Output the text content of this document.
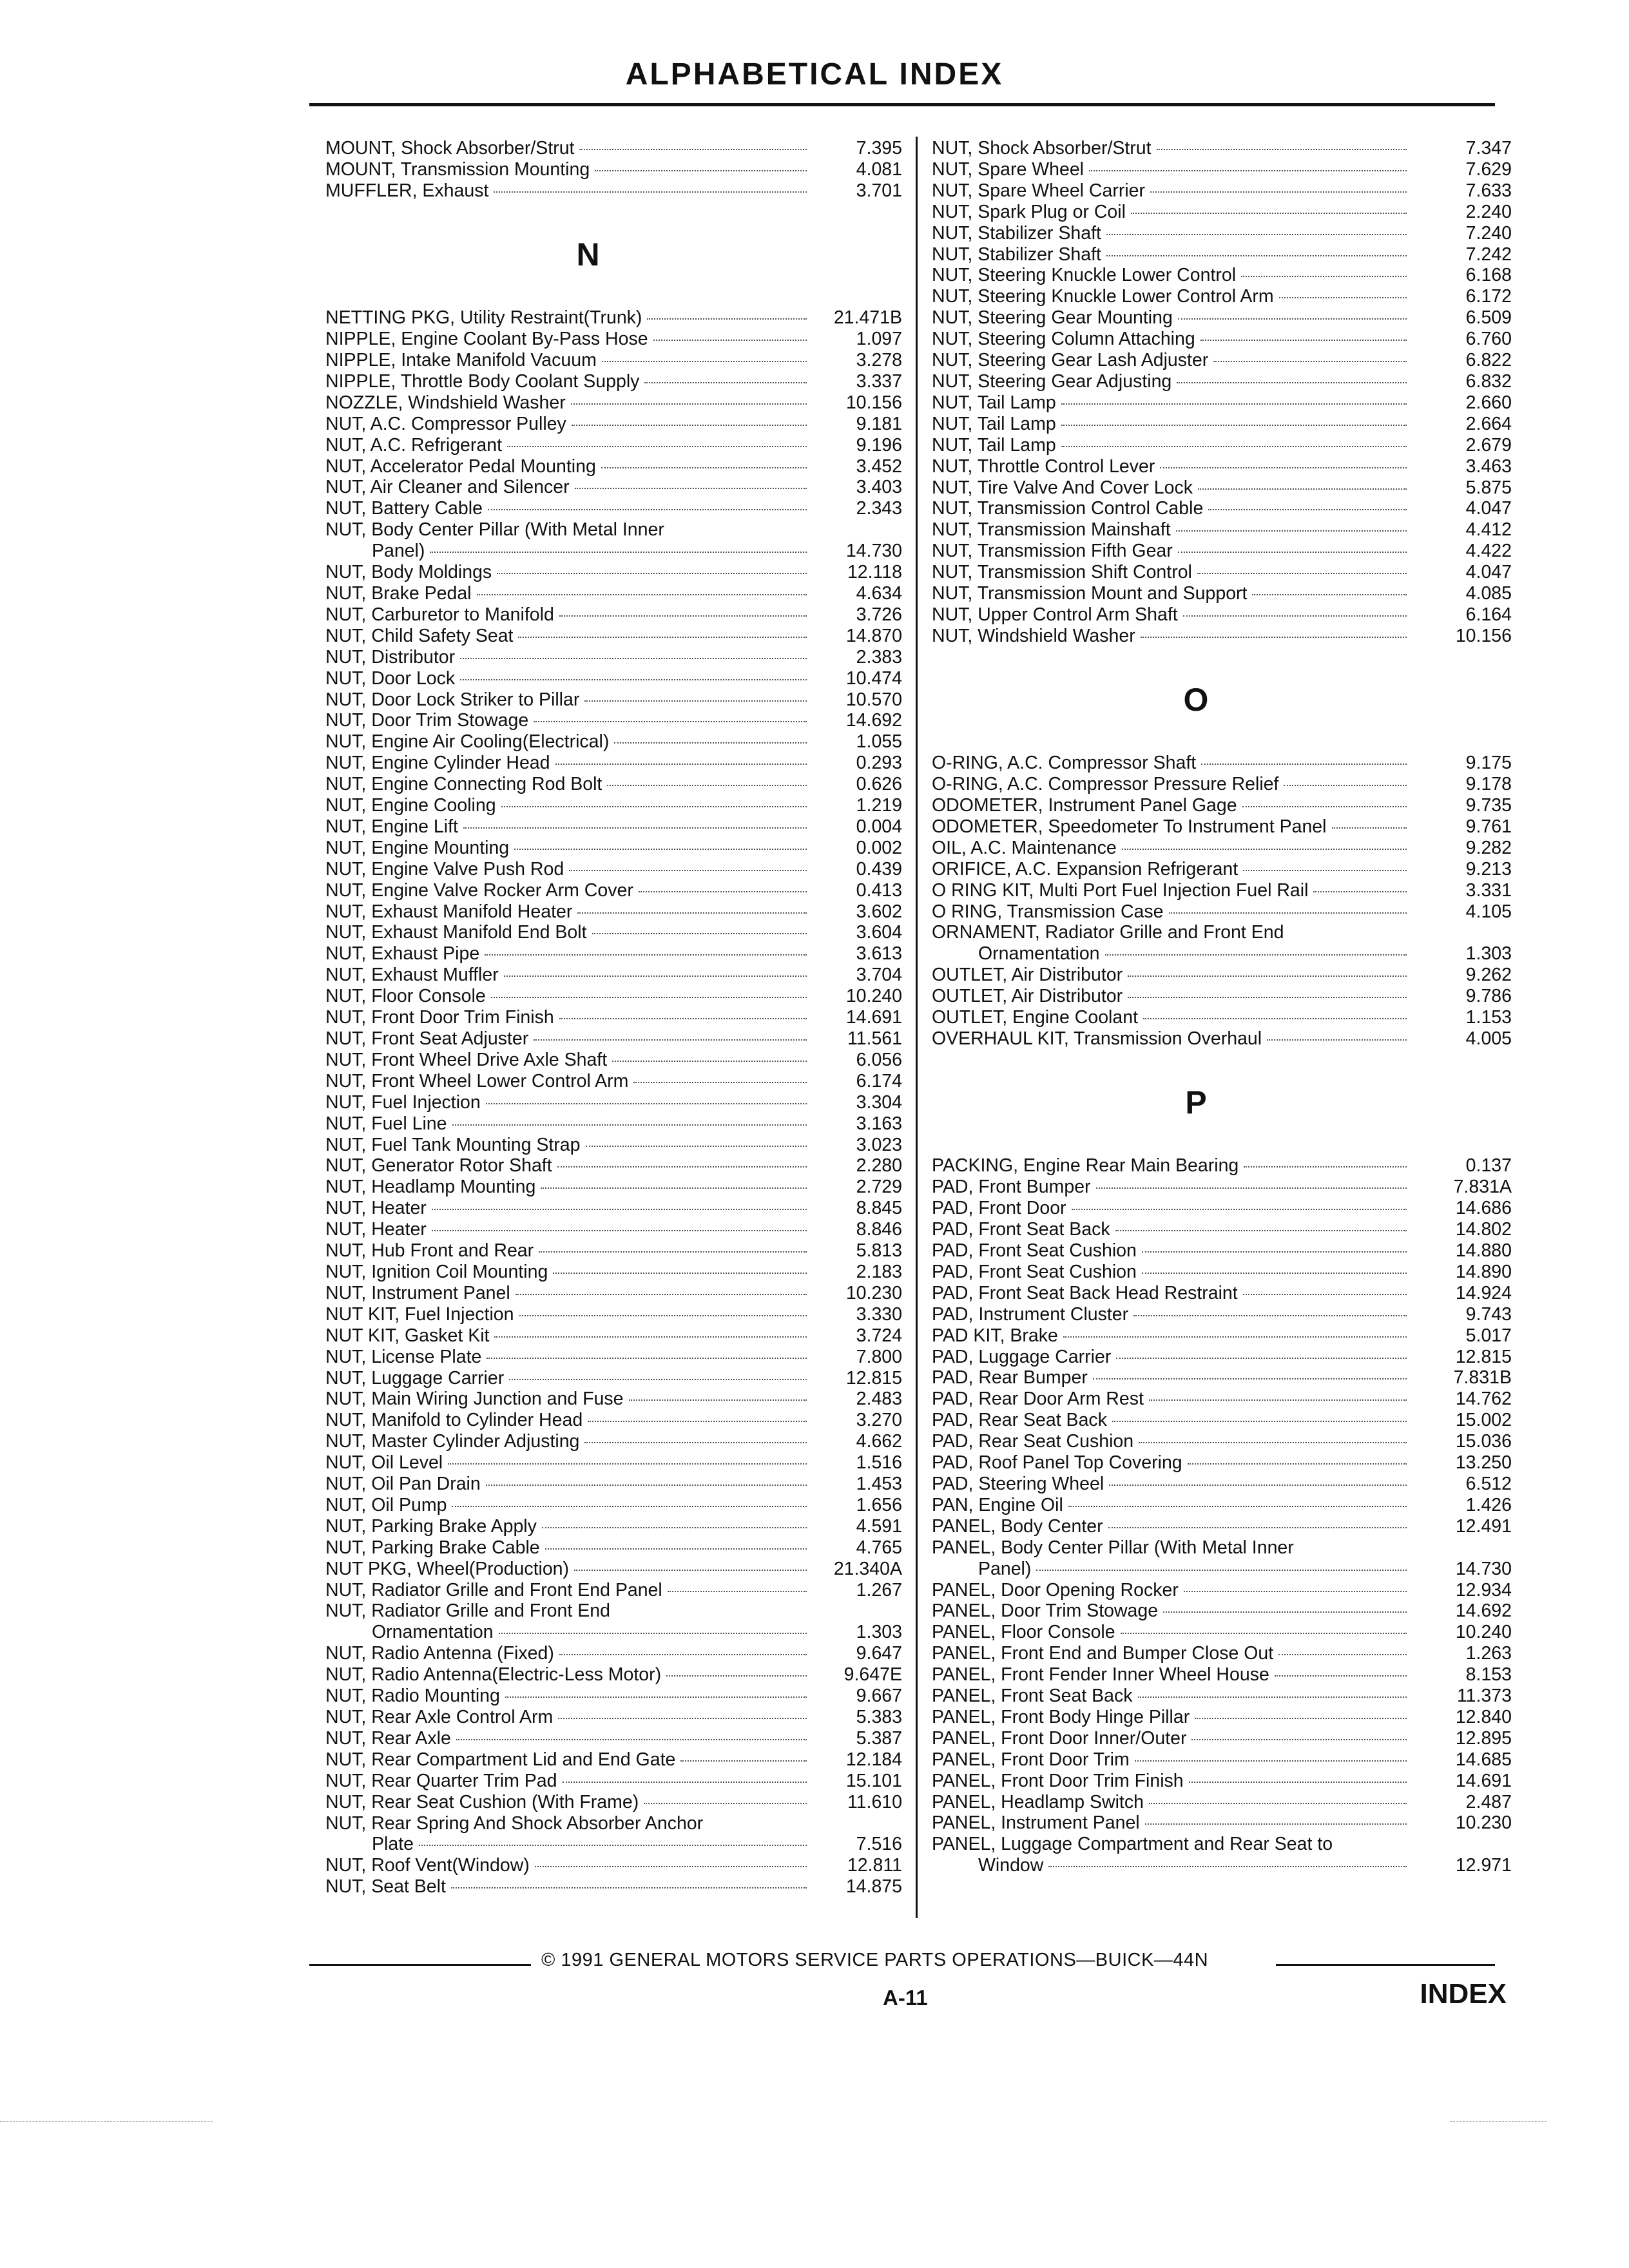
ALPHABETICAL INDEX
MOUNT, Shock Absorber/Strut	7.395
MOUNT, Transmission Mounting	4.081
MUFFLER, Exhaust	3.701
N
NETTING PKG, Utility Restraint(Trunk)	21.471B
NIPPLE, Engine Coolant By-Pass Hose	1.097
NIPPLE, Intake Manifold Vacuum	3.278
NIPPLE, Throttle Body Coolant Supply	3.337
NOZZLE, Windshield Washer	10.156
NUT, A.C. Compressor Pulley	9.181
NUT, A.C. Refrigerant	9.196
NUT, Accelerator Pedal Mounting	3.452
NUT, Air Cleaner and Silencer	3.403
NUT, Battery Cable	2.343
NUT, Body Center Pillar (With Metal Inner
Panel)	14.730
NUT, Body Moldings	12.118
NUT, Brake Pedal	4.634
NUT, Carburetor to Manifold	3.726
NUT, Child Safety Seat	14.870
NUT, Distributor	2.383
NUT, Door Lock	10.474
NUT, Door Lock Striker to Pillar	10.570
NUT, Door Trim Stowage	14.692
NUT, Engine Air Cooling(Electrical)	1.055
NUT, Engine Cylinder Head	0.293
NUT, Engine Connecting Rod Bolt	0.626
NUT, Engine Cooling	1.219
NUT, Engine Lift	0.004
NUT, Engine Mounting	0.002
NUT, Engine Valve Push Rod	0.439
NUT, Engine Valve Rocker Arm Cover	0.413
NUT, Exhaust Manifold Heater	3.602
NUT, Exhaust Manifold End Bolt	3.604
NUT, Exhaust Pipe	3.613
NUT, Exhaust Muffler	3.704
NUT, Floor Console	10.240
NUT, Front Door Trim Finish	14.691
NUT, Front Seat Adjuster	11.561
NUT, Front Wheel Drive Axle Shaft	6.056
NUT, Front Wheel Lower Control Arm	6.174
NUT, Fuel Injection	3.304
NUT, Fuel Line	3.163
NUT, Fuel Tank Mounting Strap	3.023
NUT, Generator Rotor Shaft	2.280
NUT, Headlamp Mounting	2.729
NUT, Heater	8.845
NUT, Heater	8.846
NUT, Hub Front and Rear	5.813
NUT, Ignition Coil Mounting	2.183
NUT, Instrument Panel	10.230
NUT KIT, Fuel Injection	3.330
NUT KIT, Gasket Kit	3.724
NUT, License Plate	7.800
NUT, Luggage Carrier	12.815
NUT, Main Wiring Junction and Fuse	2.483
NUT, Manifold to Cylinder Head	3.270
NUT, Master Cylinder Adjusting	4.662
NUT, Oil Level	1.516
NUT, Oil Pan Drain	1.453
NUT, Oil Pump	1.656
NUT, Parking Brake Apply	4.591
NUT, Parking Brake Cable	4.765
NUT PKG, Wheel(Production)	21.340A
NUT, Radiator Grille and Front End Panel	1.267
NUT, Radiator Grille and Front End
Ornamentation	1.303
NUT, Radio Antenna (Fixed)	9.647
NUT, Radio Antenna(Electric-Less Motor)	9.647E
NUT, Radio Mounting	9.667
NUT, Rear Axle Control Arm	5.383
NUT, Rear Axle	5.387
NUT, Rear Compartment Lid and End Gate	12.184
NUT, Rear Quarter Trim Pad	15.101
NUT, Rear Seat Cushion (With Frame)	11.610
NUT, Rear Spring And Shock Absorber Anchor
Plate	7.516
NUT, Roof Vent(Window)	12.811
NUT, Seat Belt	14.875
NUT, Shock Absorber/Strut	7.347
NUT, Spare Wheel	7.629
NUT, Spare Wheel Carrier	7.633
NUT, Spark Plug or Coil	2.240
NUT, Stabilizer Shaft	7.240
NUT, Stabilizer Shaft	7.242
NUT, Steering Knuckle Lower Control	6.168
NUT, Steering Knuckle Lower Control Arm	6.172
NUT, Steering Gear Mounting	6.509
NUT, Steering Column Attaching	6.760
NUT, Steering Gear Lash Adjuster	6.822
NUT, Steering Gear Adjusting	6.832
NUT, Tail Lamp	2.660
NUT, Tail Lamp	2.664
NUT, Tail Lamp	2.679
NUT, Throttle Control Lever	3.463
NUT, Tire Valve And Cover Lock	5.875
NUT, Transmission Control Cable	4.047
NUT, Transmission Mainshaft	4.412
NUT, Transmission Fifth Gear	4.422
NUT, Transmission Shift Control	4.047
NUT, Transmission Mount and Support	4.085
NUT, Upper Control Arm Shaft	6.164
NUT, Windshield Washer	10.156
O
O-RING, A.C. Compressor Shaft	9.175
O-RING, A.C. Compressor Pressure Relief	9.178
ODOMETER, Instrument Panel Gage	9.735
ODOMETER, Speedometer To Instrument Panel	9.761
OIL, A.C. Maintenance	9.282
ORIFICE, A.C. Expansion Refrigerant	9.213
O RING KIT, Multi Port Fuel Injection Fuel Rail	3.331
O RING, Transmission Case	4.105
ORNAMENT, Radiator Grille and Front End
Ornamentation	1.303
OUTLET, Air Distributor	9.262
OUTLET, Air Distributor	9.786
OUTLET, Engine Coolant	1.153
OVERHAUL KIT, Transmission Overhaul	4.005
P
PACKING, Engine Rear Main Bearing	0.137
PAD, Front Bumper	7.831A
PAD, Front Door	14.686
PAD, Front Seat Back	14.802
PAD, Front Seat Cushion	14.880
PAD, Front Seat Cushion	14.890
PAD, Front Seat Back Head Restraint	14.924
PAD, Instrument Cluster	9.743
PAD KIT, Brake	5.017
PAD, Luggage Carrier	12.815
PAD, Rear Bumper	7.831B
PAD, Rear Door Arm Rest	14.762
PAD, Rear Seat Back	15.002
PAD, Rear Seat Cushion	15.036
PAD, Roof Panel Top Covering	13.250
PAD, Steering Wheel	6.512
PAN, Engine Oil	1.426
PANEL, Body Center	12.491
PANEL, Body Center Pillar (With Metal Inner
Panel)	14.730
PANEL, Door Opening Rocker	12.934
PANEL, Door Trim Stowage	14.692
PANEL, Floor Console	10.240
PANEL, Front End and Bumper Close Out	1.263
PANEL, Front Fender Inner Wheel House	8.153
PANEL, Front Seat Back	11.373
PANEL, Front Body Hinge Pillar	12.840
PANEL, Front Door Inner/Outer	12.895
PANEL, Front Door Trim	14.685
PANEL, Front Door Trim Finish	14.691
PANEL, Headlamp Switch	2.487
PANEL, Instrument Panel	10.230
PANEL, Luggage Compartment and Rear Seat to
Window	12.971
© 1991 GENERAL MOTORS SERVICE PARTS OPERATIONS—BUICK—44N
A-11	INDEX
